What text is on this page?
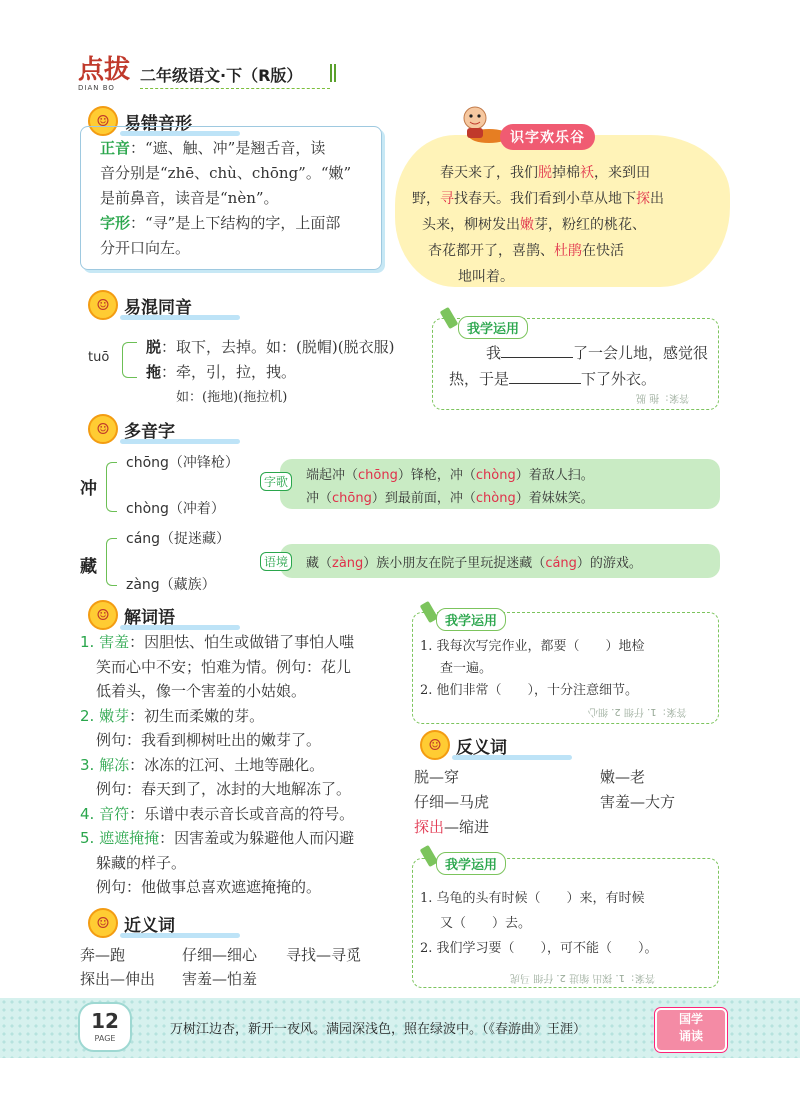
点拔
DIAN BO
二年级语文·下（R版）
☺ 易错音形
正音：“遮、触、冲”是翘舌音，读
音分别是“zhē、chù、chōng”。“嫩”
是前鼻音，读音是“nèn”。
字形：“寻”是上下结构的字，上面部
分开口向左。
识字欢乐谷
春天来了，我们脱掉棉袄，来到田
野，寻找春天。我们看到小草从地下探出
头来，柳树发出嫩芽，粉红的桃花、
杏花都开了，喜鹊、杜鹃在快活
地叫着。
☺ 易混同音
tuō
脱：取下，去掉。如：(脱帽)(脱衣服)
拖：牵，引，拉，拽。
如：(拖地)(拖拉机)
我学运用
我	了一会儿地，感觉很
热，于是	下了外衣。
答案：拖 脱
☺ 多音字
冲
chōng（冲锋枪）
chòng（冲着）
字歌	端起冲（chōng）锋枪，冲（chòng）着敌人扫。
冲（chōng）到最前面，冲（chòng）着妹妹笑。
藏
cáng（捉迷藏）
zàng（藏族）
语境	藏（zàng）族小朋友在院子里玩捉迷藏（cáng）的游戏。
☺ 解词语
1. 害羞：因胆怯、怕生或做错了事怕人嗤
笑而心中不安；怕难为情。例句：花儿
低着头，像一个害羞的小姑娘。
2. 嫩芽：初生而柔嫩的芽。
例句：我看到柳树吐出的嫩芽了。
3. 解冻：冰冻的江河、土地等融化。
例句：春天到了，冰封的大地解冻了。
4. 音符：乐谱中表示音长或音高的符号。
5. 遮遮掩掩：因害羞或为躲避他人而闪避
躲藏的样子。
例句：他做事总喜欢遮遮掩掩的。
我学运用
1. 我每次写完作业，都要（　　）地检
查一遍。
2. 他们非常（　　），十分注意细节。
答案：1. 仔细 2. 细心
☺ 反义词
脱—穿	嫩—老
仔细—马虎	害羞—大方
探出—缩进
我学运用
1. 乌龟的头有时候（　　）来，有时候
又（　　）去。
2. 我们学习要（　　），可不能（　　）。
答案：1. 探出 缩进 2. 仔细 马虎
☺ 近义词
奔—跑	仔细—细心 寻找—寻觅
探出—伸出 害羞—怕羞
12
PAGE
万树江边杏，新开一夜风。满园深浅色，照在绿波中。（《春游曲》王涯）
国学
诵读
